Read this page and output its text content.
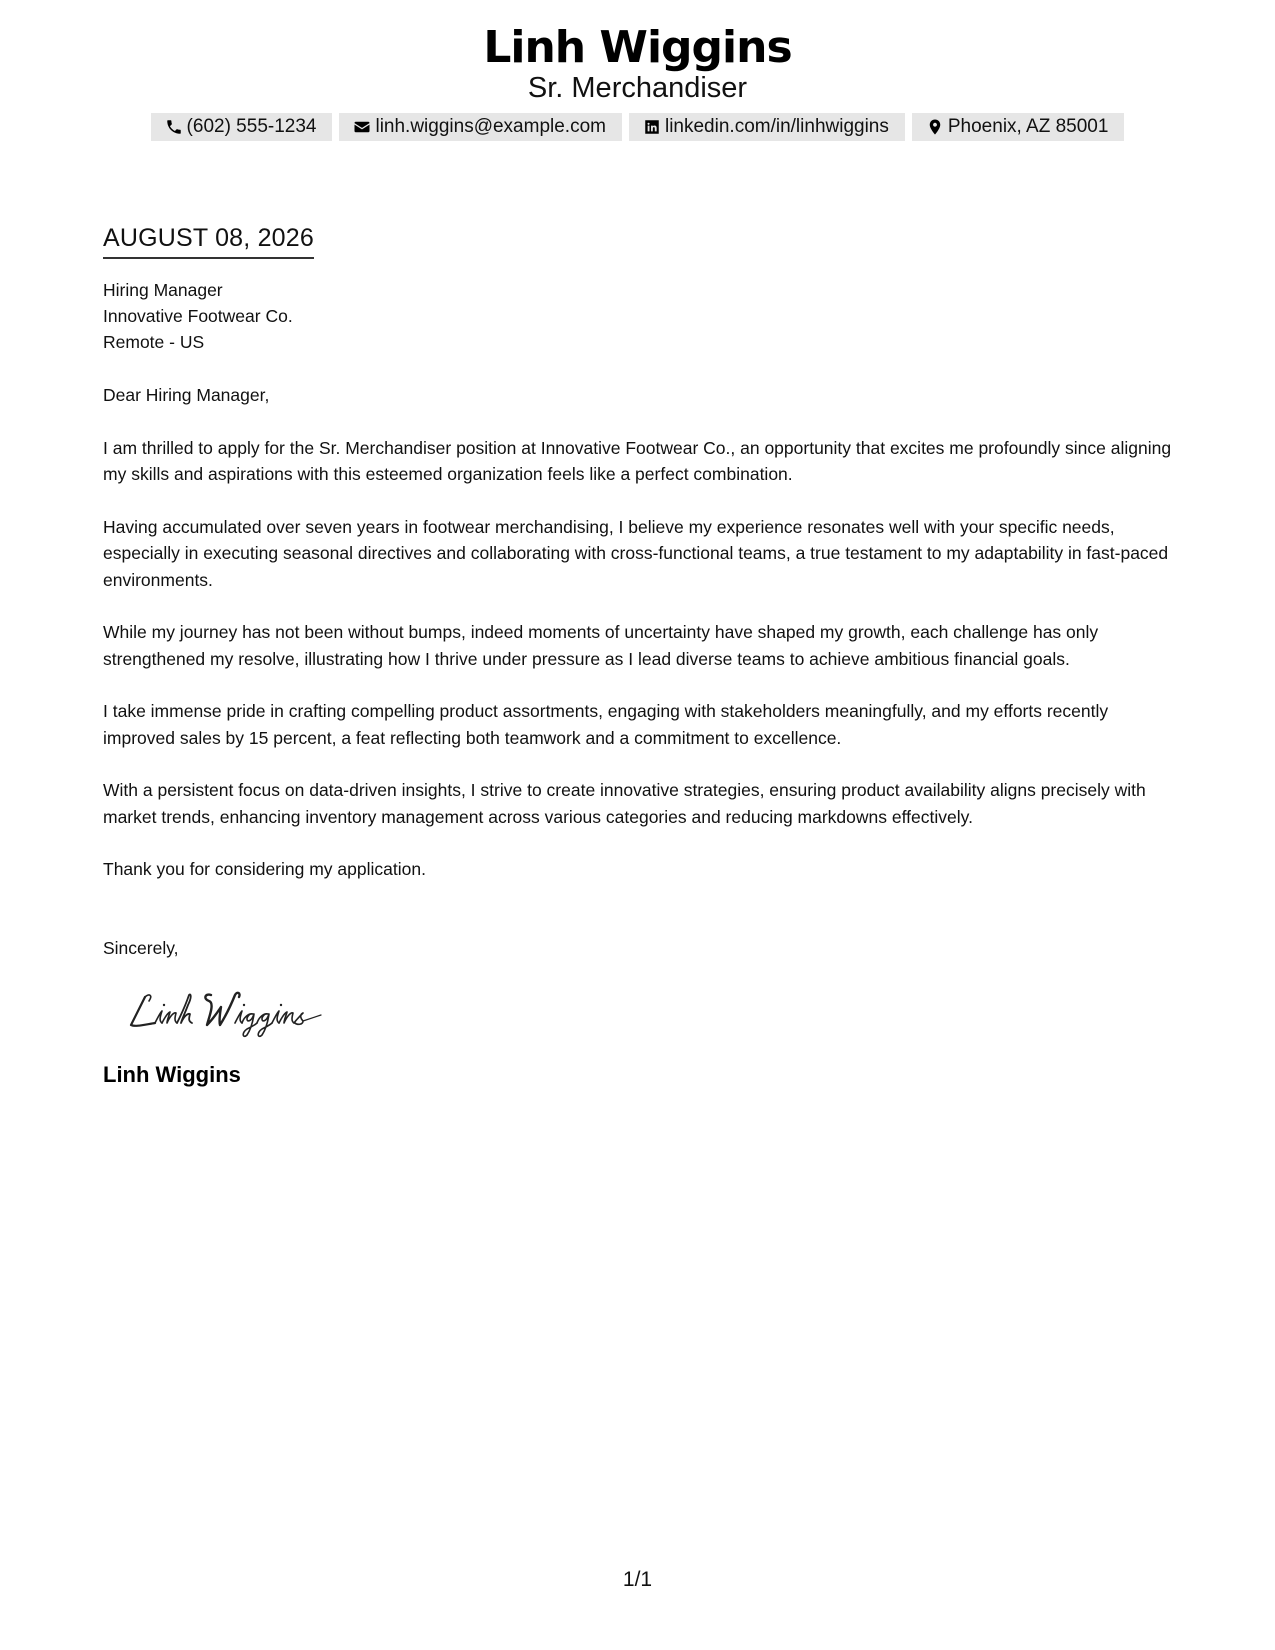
Linh Wiggins
Sr. Merchandiser
(602) 555-1234	linh.wiggins@example.com	linkedin.com/in/linhwiggins	Phoenix, AZ 85001
AUGUST 08, 2026
Hiring Manager
Innovative Footwear Co.
Remote - US
Dear Hiring Manager,

I am thrilled to apply for the Sr. Merchandiser position at Innovative Footwear Co., an opportunity that excites me profoundly since aligning my skills and aspirations with this esteemed organization feels like a perfect combination.

Having accumulated over seven years in footwear merchandising, I believe my experience resonates well with your specific needs, especially in executing seasonal directives and collaborating with cross-functional teams, a true testament to my adaptability in fast-paced environments.

While my journey has not been without bumps, indeed moments of uncertainty have shaped my growth, each challenge has only strengthened my resolve, illustrating how I thrive under pressure as I lead diverse teams to achieve ambitious financial goals.

I take immense pride in crafting compelling product assortments, engaging with stakeholders meaningfully, and my efforts recently improved sales by 15 percent, a feat reflecting both teamwork and a commitment to excellence.

With a persistent focus on data-driven insights, I strive to create innovative strategies, ensuring product availability aligns precisely with market trends, enhancing inventory management across various categories and reducing markdowns effectively.

Thank you for considering my application.

Sincerely,
Linh Wiggins
1/1
